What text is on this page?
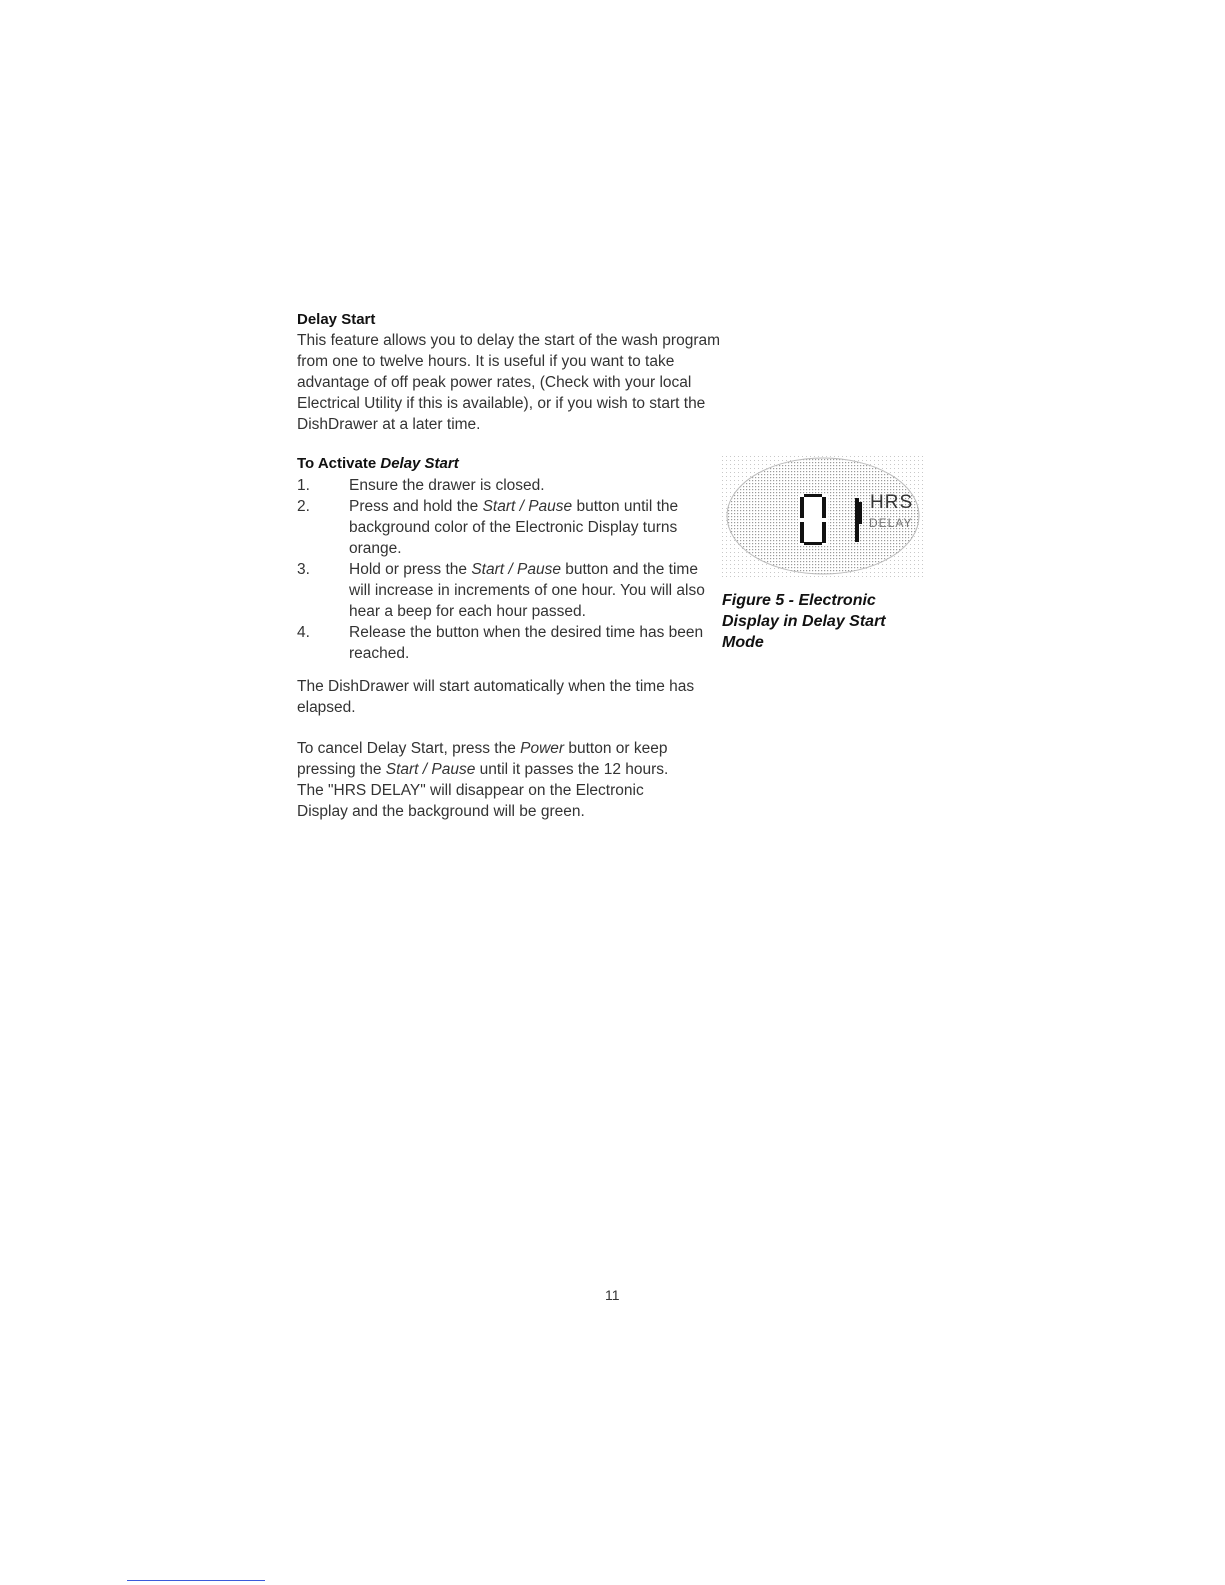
Delay Start

This feature allows you to delay the start of the wash program from one to twelve hours. It is useful if you want to take advantage of off peak power rates, (Check with your local Electrical Utility if this is available), or if you wish to start the DishDrawer at a later time.

To Activate Delay Start
1.	Ensure the drawer is closed.
2.	Press and hold the Start / Pause button until the background color of the Electronic Display turns orange.
3.	Hold or press the Start / Pause button and the time will increase in increments of one hour. You will also hear a beep for each hour passed.
4.	Release the button when the desired time has been reached.

The DishDrawer will start automatically when the time has elapsed.

To cancel Delay Start, press the Power button or keep pressing the Start / Pause until it passes the 12 hours. The "HRS DELAY" will disappear on the Electronic Display and the background will be green.

HRS
DELAY
Figure 5 - Electronic Display in Delay Start Mode
11
